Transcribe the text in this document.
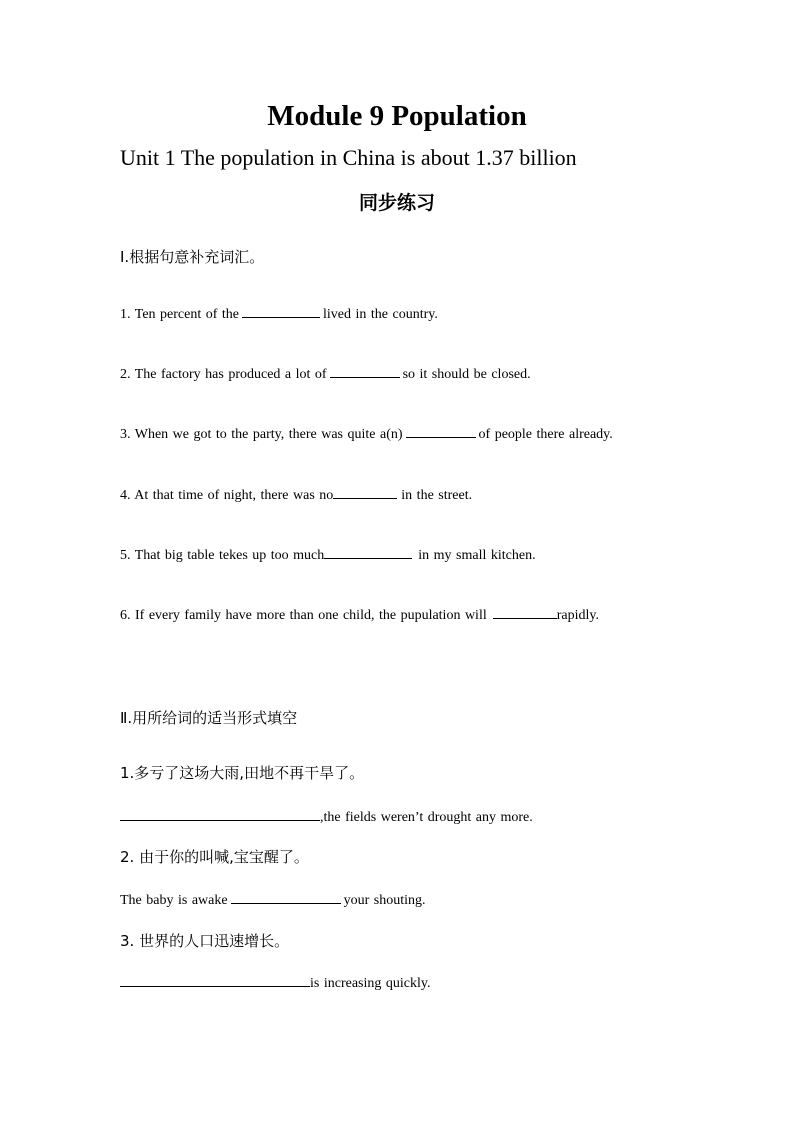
Module 9 Population
Unit 1 The population in China is about 1.37 billion
同步练习
Ⅰ.根据句意补充词汇。
1. Ten percent of the	lived in the country.
2. The factory has produced a lot of	so it should be closed.
3. When we got to the party, there was quite a(n)	of people there already.
4. At that time of night, there was no	in the street.
5. That big table tekes up too much	in my small kitchen.
6. If every family have more than one child, the pupulation will	rapidly.
Ⅱ.用所给词的适当形式填空
1.多亏了这场大雨,田地不再干旱了。
,the fields weren’t drought any more.
2. 由于你的叫喊,宝宝醒了。
The baby is awake	your shouting.
3. 世界的人口迅速增长。
is increasing quickly.
